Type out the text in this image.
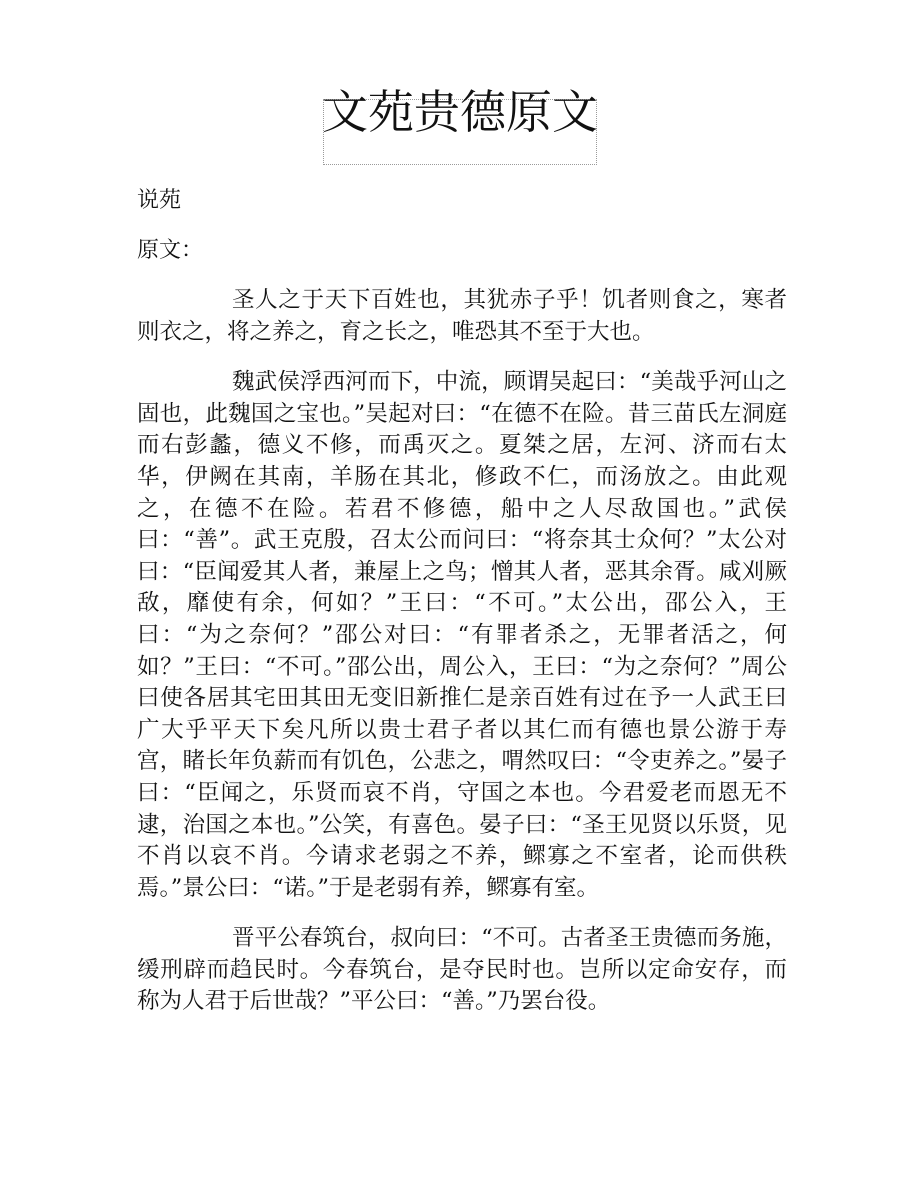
文苑贵德原文

说苑

原文：

圣人之于天下百姓也，其犹赤子乎！饥者则食之，寒者则衣之，将之养之，育之长之，唯恐其不至于大也。

魏武侯浮西河而下，中流，顾谓吴起曰：“美哉乎河山之固也，此魏国之宝也。”吴起对曰：“在德不在险。昔三苗氏左洞庭而右彭蠡，德义不修，而禹灭之。夏桀之居，左河、济而右太华，伊阙在其南，羊肠在其北，修政不仁，而汤放之。由此观之，在德不在险。若君不修德，船中之人尽敌国也。”武侯曰：“善”。武王克殷，召太公而问曰：“将奈其士众何？”太公对曰：“臣闻爱其人者，兼屋上之鸟；憎其人者，恶其余胥。咸刈厥敌，靡使有余，何如？”王曰：“不可。”太公出，邵公入，王曰：“为之奈何？”邵公对曰：“有罪者杀之，无罪者活之，何如？”王曰：“不可。”邵公出，周公入，王曰：“为之奈何？”周公曰使各居其宅田其田无变旧新推仁是亲百姓有过在予一人武王曰广大乎平天下矣凡所以贵士君子者以其仁而有德也景公游于寿宫，睹长年负薪而有饥色，公悲之，喟然叹曰：“令吏养之。”晏子曰：“臣闻之，乐贤而哀不肖，守国之本也。今君爱老而恩无不逮，治国之本也。”公笑，有喜色。晏子曰：“圣王见贤以乐贤，见不肖以哀不肖。今请求老弱之不养，鳏寡之不室者，论而供秩焉。”景公曰：“诺。”于是老弱有养，鳏寡有室。

晋平公春筑台，叔向曰：“不可。古者圣王贵德而务施，缓刑辟而趋民时。今春筑台，是夺民时也。岂所以定命安存，而称为人君于后世哉？”平公曰：“善。”乃罢台役。
